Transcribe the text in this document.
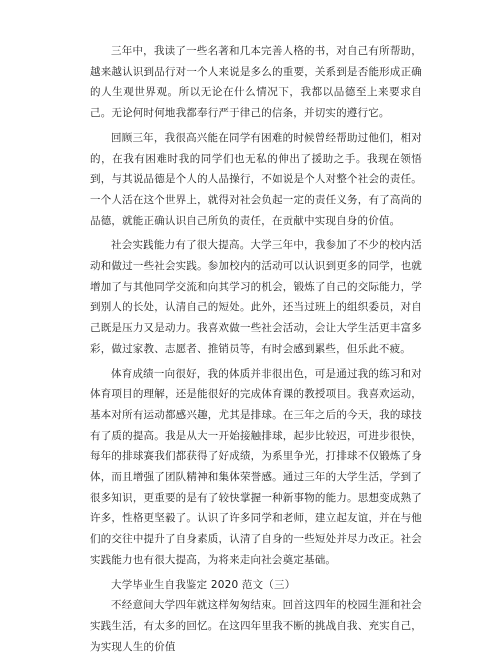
三年中，我读了一些名著和几本完善人格的书，对自己有所帮助，越来越认识到品行对一个人来说是多么的重要，关系到是否能形成正确的人生观世界观。所以无论在什么情况下，我都以品德至上来要求自己。无论何时何地我都奉行严于律己的信条，并切实的遵行它。

回顾三年，我很高兴能在同学有困难的时候曾经帮助过他们，相对的，在我有困难时我的同学们也无私的伸出了援助之手。我现在领悟到，与其说品德是个人的人品操行，不如说是个人对整个社会的责任。一个人活在这个世界上，就得对社会负起一定的责任义务，有了高尚的品德，就能正确认识自己所负的责任，在贡献中实现自身的价值。

社会实践能力有了很大提高。大学三年中，我参加了不少的校内活动和做过一些社会实践。参加校内的活动可以认识到更多的同学，也就增加了与其他同学交流和向其学习的机会，锻炼了自己的交际能力，学到别人的长处，认清自己的短处。此外，还当过班上的组织委员，对自己既是压力又是动力。我喜欢做一些社会活动，会让大学生活更丰富多彩，做过家教、志愿者、推销员等，有时会感到累些，但乐此不疲。

体育成绩一向很好，我的体质并非很出色，可是通过我的练习和对体育项目的理解，还是能很好的完成体育课的教授项目。我喜欢运动，基本对所有运动都感兴趣，尤其是排球。在三年之后的今天，我的球技有了质的提高。我是从大一开始接触排球，起步比较迟，可进步很快，每年的排球赛我们都获得了好成绩，为系里争光，打排球不仅锻炼了身体，而且增强了团队精神和集体荣誉感。通过三年的大学生活，学到了很多知识，更重要的是有了较快掌握一种新事物的能力。思想变成熟了许多，性格更坚毅了。认识了许多同学和老师，建立起友谊，并在与他们的交往中提升了自身素质，认清了自身的一些短处并尽力改正。社会实践能力也有很大提高，为将来走向社会奠定基础。

大学毕业生自我鉴定 2020 范文（三）

不经意间大学四年就这样匆匆结束。回首这四年的校园生涯和社会实践生活，有太多的回忆。在这四年里我不断的挑战自我、充实自己，为实现人生的价值
